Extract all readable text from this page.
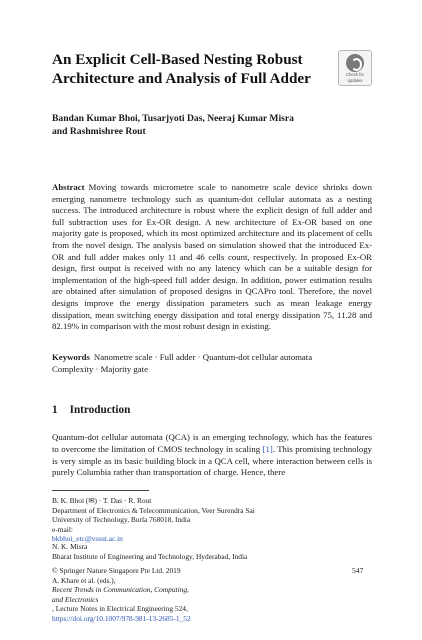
An Explicit Cell-Based Nesting Robust
Architecture and Analysis of Full Adder	Check for
updates
Bandan Kumar Bhoi, Tusarjyoti Das, Neeraj Kumar Misra
and Rashmishree Rout
Abstract Moving towards micrometre scale to nanometre scale device shrinks down emerging nanometre technology such as quantum-dot cellular automata as a nesting success. The introduced architecture is robust where the explicit design of full adder and full subtraction uses for Ex-OR design. A new architecture of Ex-OR based on one majority gate is proposed, which its most optimized architecture and its placement of cells from the novel design. The analysis based on simulation showed that the introduced Ex-OR and full adder makes only 11 and 46 cells count, respectively. In proposed Ex-OR design, first output is received with no any latency which can be a suitable design for implementation of the high-speed full adder design. In addition, power estimation results are obtained after simulation of proposed designs in QCAPro tool. Therefore, the novel designs improve the energy dissipation parameters such as mean leakage energy dissipation, mean switching energy dissipation and total energy dissipation 75, 11.28 and 82.19% in comparison with the most robust design in existing.
Keywords Nanometre scale · Full adder · Quantum-dot cellular automata
Complexity · Majority gate
1 Introduction
Quantum-dot cellular automata (QCA) is an emerging technology, which has the features to overcome the limitation of CMOS technology in scaling [1]. This promising technology is very simple as its basic building block in a QCA cell, where interaction between cells is purely Columbia rather than transportation of charge. Hence, there
B. K. Bhoi (✉) · T. Das · R. Rout
Department of Electronics & Telecommunication, Veer Surendra Sai
University of Technology, Burla 768018, India
e-mail:
bkbhoi_etc@vssut.ac.in
N. K. Misra
Bharat Institute of Engineering and Technology, Hyderabad, India
© Springer Nature Singapore Pte Ltd. 2019
A. Khare et al. (eds.),
Recent Trends in Communication, Computing,
and Electronics
, Lecture Notes in Electrical Engineering 524,
https://doi.org/10.1007/978-981-13-2685-1_52
547
